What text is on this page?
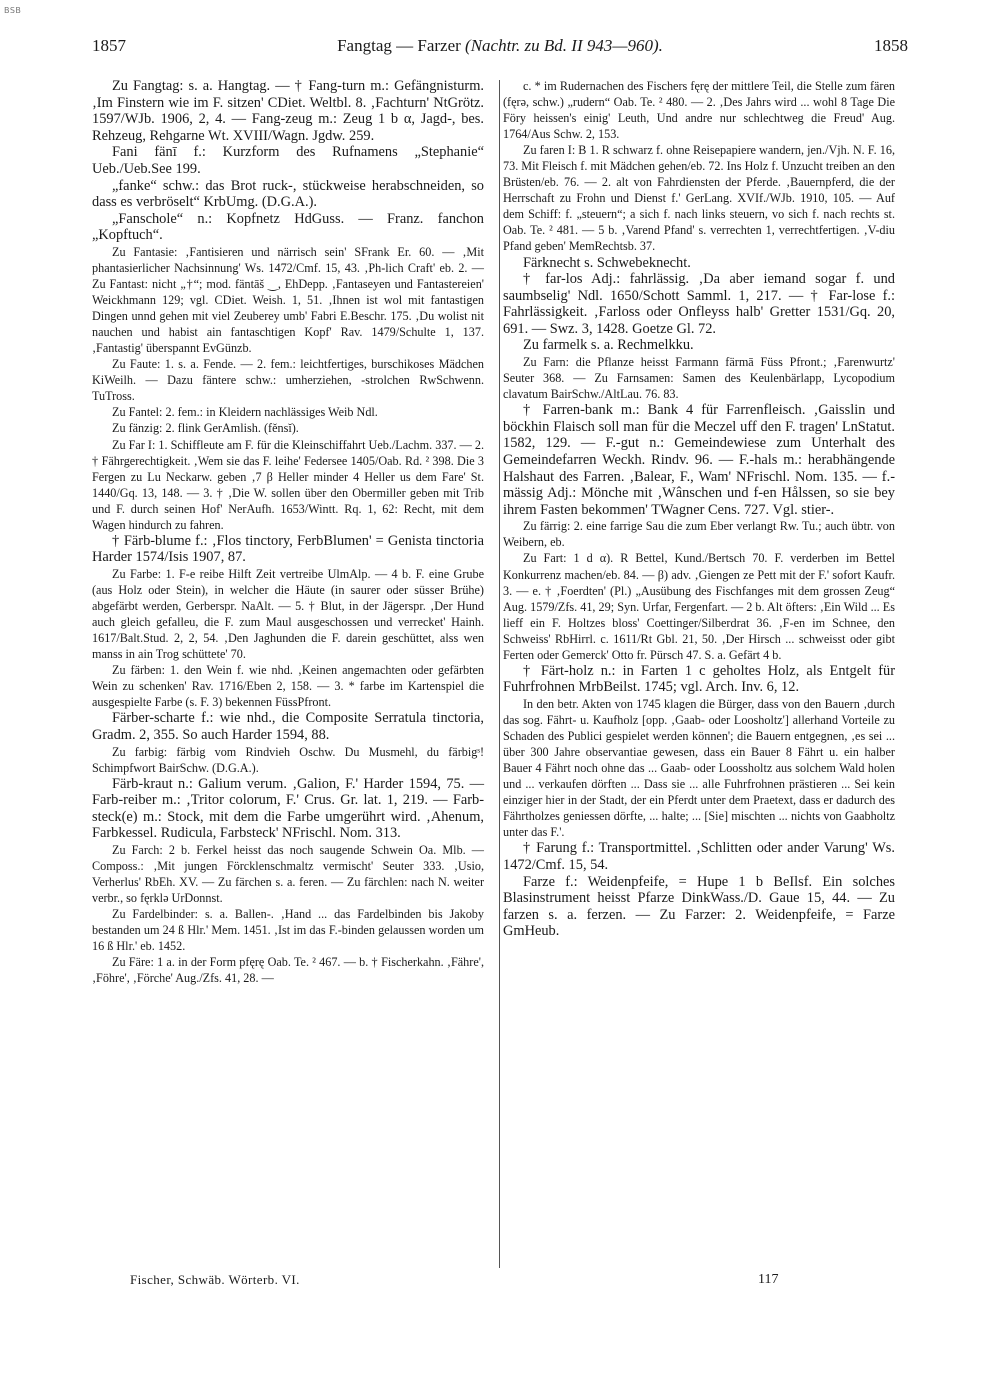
BSB
1857	Fangtag — Farzer (Nachtr. zu Bd. II 943—960).	1858

Zu Fangtag: s. a. Hangtag. — † Fang-turn m.: Gefängnisturm. ‚Im Finstern wie im F. sitzen' CDiet. Weltbl. 8. ‚Fachturn' NtGrötz. 1597/WJb. 1906, 2, 4. — Fang-zeug m.: Zeug 1 b α, Jagd-, bes. Rehzeug, Rehgarne Wt. XVIII/Wagn. Jgdw. 259.

Fani fänī f.: Kurzform des Rufnamens „Stephanie“ Ueb./Ueb.See 199.

„fanke“ schw.: das Brot ruck-, stückweise herabschneiden, so dass es verbröselt“ KrbUmg. (D.G.A.).

„Fanschole“ n.: Kopfnetz HdGuss. — Franz. fanchon „Kopftuch“.

Zu Fantasie: ‚Fantisieren und närrisch sein' SFrank Er. 60. — ‚Mit phantasierlicher Nachsinnung' Ws. 1472/Cmf. 15, 43. ‚Ph-lich Craft' eb. 2. — Zu Fantast: nicht „†“; mod. fäntāš ‿, EhDepp. ‚Fantaseyen und Fantastereien' Weickhmann 129; vgl. CDiet. Weish. 1, 51. ‚Ihnen ist wol mit fantastigen Dingen unnd gehen mit viel Zeuberey umb' Fabri E.Beschr. 175. ‚Du wolist nit nauchen und habist ain fantaschtigen Kopf' Rav. 1479/Schulte 1, 137. ‚Fantastig' überspannt EvGünzb.

Zu Faute: 1. s. a. Fende. — 2. fem.: leichtfertiges, burschikoses Mädchen KiWeilh. — Dazu fäntere schw.: umherziehen, -strolchen RwSchwenn. TuTross.

Zu Fantel: 2. fem.: in Kleidern nachlässiges Weib Ndl.

Zu fänzig: 2. flink GerAmlish. (fěnsĭ).

Zu Far I: 1. Schiffleute am F. für die Kleinschiffahrt Ueb./Lachm. 337. — 2. † Fährgerechtigkeit. ‚Wem sie das F. leihe' Federsee 1405/Oab. Rd. ² 398. Die 3 Fergen zu Lu Neckarw. geben ‚7 β Heller minder 4 Heller us dem Fare' St. 1440/Gq. 13, 148. — 3. † ‚Die W. sollen über den Obermiller geben mit Trib und F. durch seinen Hof' NerAufh. 1653/Wintt. Rq. 1, 62: Recht, mit dem Wagen hindurch zu fahren.

† Färb-blume f.: ‚Flos tinctory, FerbBlumen' = Genista tinctoria Harder 1574/Isis 1907, 87.

Zu Farbe: 1. F-e reibe Hilft Zeit vertreibe UlmAlp. — 4 b. F. eine Grube (aus Holz oder Stein), in welcher die Häute (in saurer oder süsser Brühe) abgefärbt werden, Gerberspr. NaAlt. — 5. † Blut, in der Jägerspr. ‚Der Hund auch gleich gefalleu, die F. zum Maul ausgeschossen und verrecket' Hainh. 1617/Balt.Stud. 2, 2, 54. ‚Den Jaghunden die F. darein geschüttet, alss wen manss in ain Trog schüttete' 70.

Zu färben: 1. den Wein f. wie nhd. ‚Keinen angemachten oder gefärbten Wein zu schenken' Rav. 1716/Eben 2, 158. — 3. * farbe im Kartenspiel die ausgespielte Farbe (s. F. 3) bekennen FüssPfront.

Färber-scharte f.: wie nhd., die Composite Serratula tinctoria, Gradm. 2, 355. So auch Harder 1594, 88.

Zu farbig: färbig vom Rindvieh Oschw. Du Musmehl, du färbigˢ! Schimpfwort BairSchw. (D.G.A.).

Färb-kraut n.: Galium verum. ‚Galion, F.' Harder 1594, 75. — Farb-reiber m.: ‚Tritor colorum, F.' Crus. Gr. lat. 1, 219. — Farb-steck(e) m.: Stock, mit dem die Farbe umgerührt wird. ‚Ahenum, Farbkessel. Rudicula, Farbsteck' NFrischl. Nom. 313.

Zu Farch: 2 b. Ferkel heisst das noch saugende Schwein Oa. Mlb. — Composs.: ‚Mit jungen Förcklenschmaltz vermischt' Seuter 333. ‚Usio, Verherlus' RbEh. XV. — Zu färchen s. a. feren. — Zu färchlen: nach N. weiter verbr., so fęrklə UrDonnst.

Zu Fardelbinder: s. a. Ballen-. ‚Hand ... das Fardelbinden bis Jakoby bestanden um 24 ß Hlr.' Mem. 1451. ‚Ist im das F.-binden gelaussen worden um 16 ß Hlr.' eb. 1452.

Zu Färe: 1 a. in der Form pfęrę Oab. Te. ² 467. — b. † Fischerkahn. ‚Fähre', ‚Föhre', ‚Förche' Aug./Zfs. 41, 28. —

c. * im Rudernachen des Fischers fęrę der mittlere Teil, die Stelle zum fären (fęrə, schw.) „rudern“ Oab. Te. ² 480. — 2. ‚Des Jahrs wird ... wohl 8 Tage Die Föry heissen's einig' Leuth, Und andre nur schlechtweg die Freud' Aug. 1764/Aus Schw. 2, 153.

Zu faren I: B 1. R schwarz f. ohne Reisepapiere wandern, jen./Vjh. N. F. 16, 73. Mit Fleisch f. mit Mädchen gehen/eb. 72. Ins Holz f. Unzucht treiben an den Brüsten/eb. 76. — 2. alt von Fahrdiensten der Pferde. ‚Bauernpferd, die der Herrschaft zu Frohn und Dienst f.' GerLang. XVIf./WJb. 1910, 105. — Auf dem Schiff: f. „steuern“; a sich f. nach links steuern, vo sich f. nach rechts st. Oab. Te. ² 481. — 5 b. ‚Varend Pfand' s. verrechten 1, verrechtfertigen. ‚V-diu Pfand geben' MemRechtsb. 37.

Färknecht s. Schwebeknecht.

† far-los Adj.: fahrlässig. ‚Da aber iemand sogar f. und saumbselig' Ndl. 1650/Schott Samml. 1, 217. — † Far-lose f.: Fahrlässigkeit. ‚Farloss oder Onfleyss halb' Gretter 1531/Gq. 20, 691. — Swz. 3, 1428. Goetze Gl. 72.

Zu farmelk s. a. Rechmelkku.

Zu Farn: die Pflanze heisst Farmann färmā Füss Pfront.; ‚Farenwurtz' Seuter 368. — Zu Farnsamen: Samen des Keulenbärlapp, Lycopodium clavatum BairSchw./AltLau. 76. 83.

† Farren-bank m.: Bank 4 für Farrenfleisch. ‚Gaisslin und böckhin Flaisch soll man für die Meczel uff den F. tragen' LnStatut. 1582, 129. — F.-gut n.: Gemeindewiese zum Unterhalt des Gemeindefarren Weckh. Rindv. 96. — F.-hals m.: herabhängende Halshaut des Farren. ‚Balear, F., Wam' NFrischl. Nom. 135. — f.-mässig Adj.: Mönche mit ‚Wânschen und f-en Hålssen, so sie bey ihrem Fasten bekommen' TWagner Cens. 727. Vgl. stier-.

Zu färrig: 2. eine farrige Sau die zum Eber verlangt Rw. Tu.; auch übtr. von Weibern, eb.

Zu Fart: 1 d α). R Bettel, Kund./Bertsch 70. F. verderben im Bettel Konkurrenz machen/eb. 84. — β) adv. ‚Giengen ze Pett mit der F.' sofort Kaufr. 3. — e. † ‚Foerdten' (Pl.) „Ausübung des Fischfanges mit dem grossen Zeug“ Aug. 1579/Zfs. 41, 29; Syn. Urfar, Fergenfart. — 2 b. Alt öfters: ‚Ein Wild ... Es lieff ein F. Holtzes bloss' Coettinger/Silberdrat 36. ‚F-en im Schnee, den Schweiss' RbHirrl. c. 1611/Rt Gbl. 21, 50. ‚Der Hirsch ... schweisst oder gibt Ferten oder Gemerck' Otto fr. Pürsch 47. S. a. Gefärt 4 b.

† Färt-holz n.: in Farten 1 c geholtes Holz, als Entgelt für Fuhrfrohnen MrbBeilst. 1745; vgl. Arch. Inv. 6, 12.

In den betr. Akten von 1745 klagen die Bürger, dass von den Bauern ‚durch das sog. Fährt- u. Kaufholz [opp. ‚Gaab- oder Loosholtz'] allerhand Vorteile zu Schaden des Publici gespielet werden können'; die Bauern entgegnen, ‚es sei ... über 300 Jahre observantiae gewesen, dass ein Bauer 8 Fährt u. ein halber Bauer 4 Fährt noch ohne das ... Gaab- oder Loossholtz aus solchem Wald holen und ... verkaufen dörften ... Dass sie ... alle Fuhrfrohnen prästieren ... Sei kein einziger hier in der Stadt, der ein Pferdt unter dem Praetext, dass er dadurch des Fährtholzes geniessen dörfte, ... halte; ... [Sie] mischten ... nichts von Gaabholtz unter das F.'.

† Farung f.: Transportmittel. ‚Schlitten oder ander Varung' Ws. 1472/Cmf. 15, 54.

Farze f.: Weidenpfeife, = Hupe 1 b BeIlsf. Ein solches Blasinstrument heisst Pfarze DinkWass./D. Gaue 15, 44. — Zu farzen s. a. ferzen. — Zu Farzer: 2. Weidenpfeife, = Farze GmHeub.

Fischer, Schwäb. Wörterb. VI.	117
